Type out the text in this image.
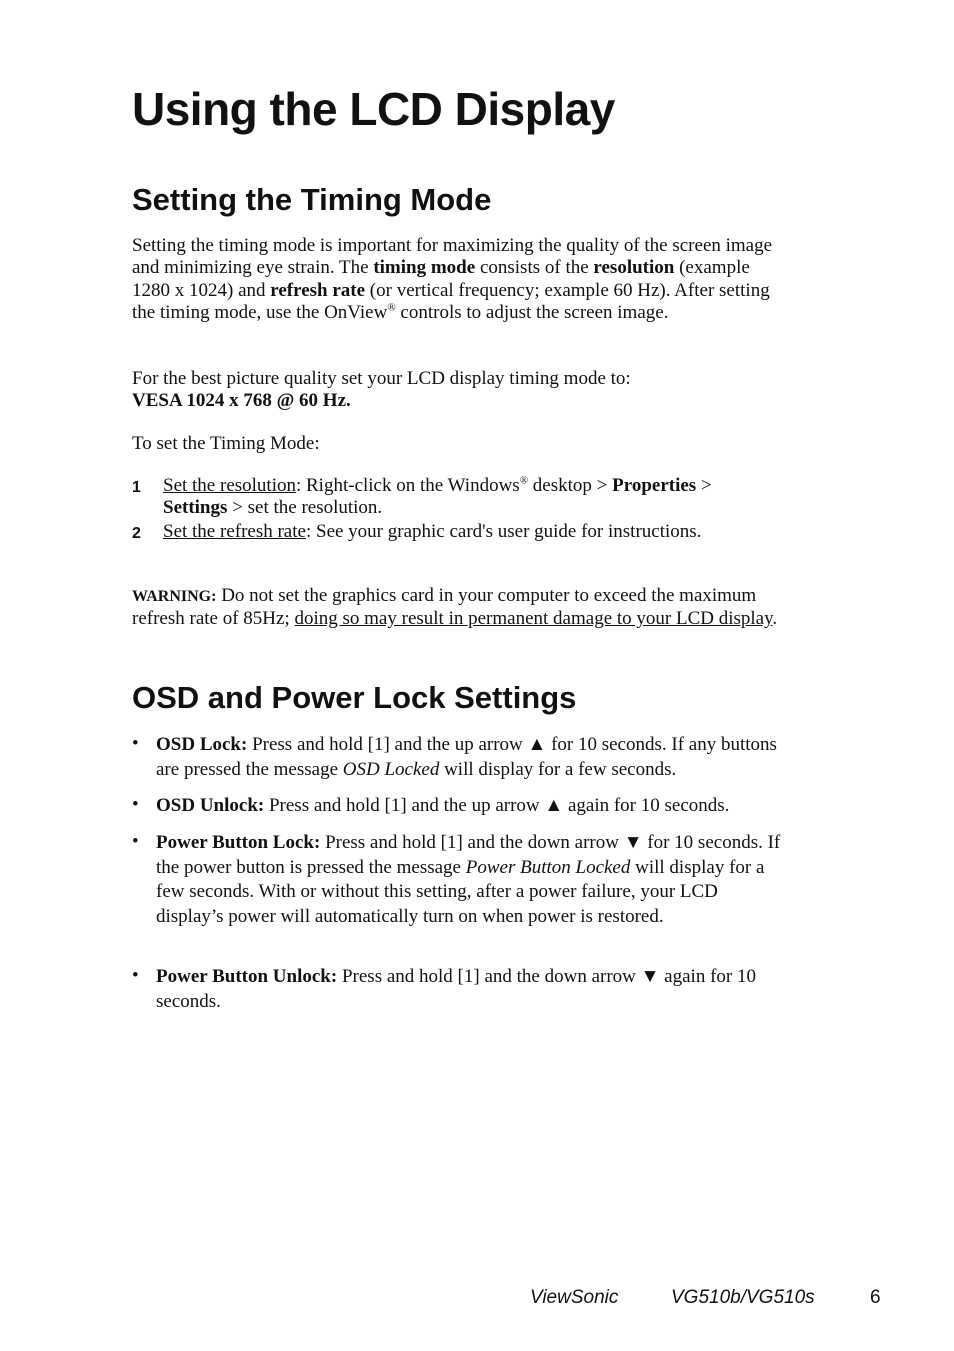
Using the LCD Display
Setting the Timing Mode

Setting the timing mode is important for maximizing the quality of the screen image and minimizing eye strain. The timing mode consists of the resolution (example 1280 x 1024) and refresh rate (or vertical frequency; example 60 Hz). After setting the timing mode, use the OnView® controls to adjust the screen image.

For the best picture quality set your LCD display timing mode to:
VESA 1024 x 768 @ 60 Hz.

To set the Timing Mode:

1 Set the resolution: Right-click on the Windows® desktop > Properties >
Settings > set the resolution.
2 Set the refresh rate: See your graphic card's user guide for instructions.

WARNING: Do not set the graphics card in your computer to exceed the maximum refresh rate of 85Hz; doing so may result in permanent damage to your LCD display.

OSD and Power Lock Settings
• OSD Lock: Press and hold [1] and the up arrow ▲ for 10 seconds. If any buttons are pressed the message OSD Locked will display for a few seconds.
• OSD Unlock: Press and hold [1] and the up arrow ▲ again for 10 seconds.
• Power Button Lock: Press and hold [1] and the down arrow ▼ for 10 seconds. If the power button is pressed the message Power Button Locked will display for a few seconds. With or without this setting, after a power failure, your LCD display’s power will automatically turn on when power is restored.
• Power Button Unlock: Press and hold [1] and the down arrow ▼ again for 10 seconds.
ViewSonic	VG510b/VG510s	6
